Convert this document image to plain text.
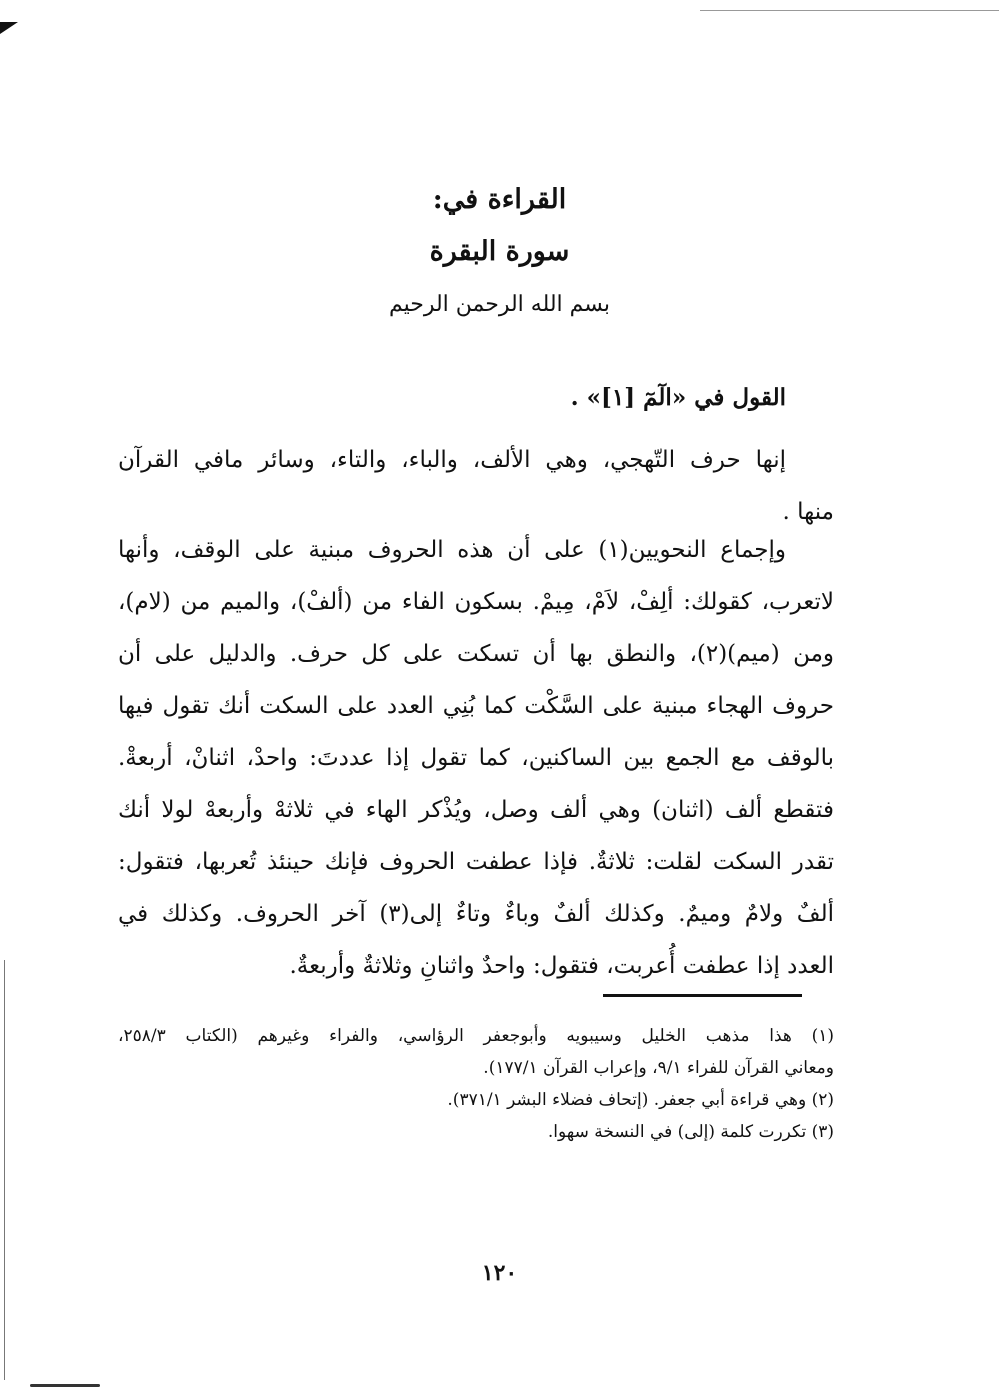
القراءة في:
سورة البقرة
بسم الله الرحمن الرحيم
القول في «الٓمٓ [١]» .
إنها حرف التّهجي، وهي الألف، والباء، والتاء، وسائر مافي القرآن
منها .
وإجماع النحويين(١) على أن هذه الحروف مبنية على الوقف، وأنها
لاتعرب، كقولك: ألِفْ، لاَمْ، مِيمْ. بسكون الفاء من (ألفْ)، والميم من (لام)،
ومن (ميم)(٢)، والنطق بها أن تسكت على كل حرف. والدليل على أن
حروف الهجاء مبنية على السَّكْت كما بُنِي العدد على السكت أنك تقول فيها
بالوقف مع الجمع بين الساكنين، كما تقول إذا عددتَ: واحدْ، اثنانْ، أربعةْ.
فتقطع ألف (اثنان) وهي ألف وصل، ويُذْكر الهاء في ثلاثهْ وأربعهْ لولا أنك
تقدر السكت لقلت: ثلاثةٌ. فإذا عطفت الحروف فإنك حينئذ تُعربها، فتقول:
ألفٌ ولامٌ وميمٌ. وكذلك ألفٌ وباءٌ وتاءٌ إلى(٣) آخر الحروف. وكذلك في
العدد إذا عطفت أُعربت، فتقول: واحدٌ واثنانِ وثلاثةٌ وأربعةٌ.
(١) هذا مذهب الخليل وسيبويه وأبوجعفر الرؤاسي، والفراء وغيرهم (الكتاب ٢٥٨/٣،
ومعاني القرآن للفراء ٩/١، وإعراب القرآن ١٧٧/١).
(٢) وهي قراءة أبي جعفر. (إتحاف فضلاء البشر ٣٧١/١).
(٣) تكررت كلمة (إلى) في النسخة سهوا.
١٢٠
